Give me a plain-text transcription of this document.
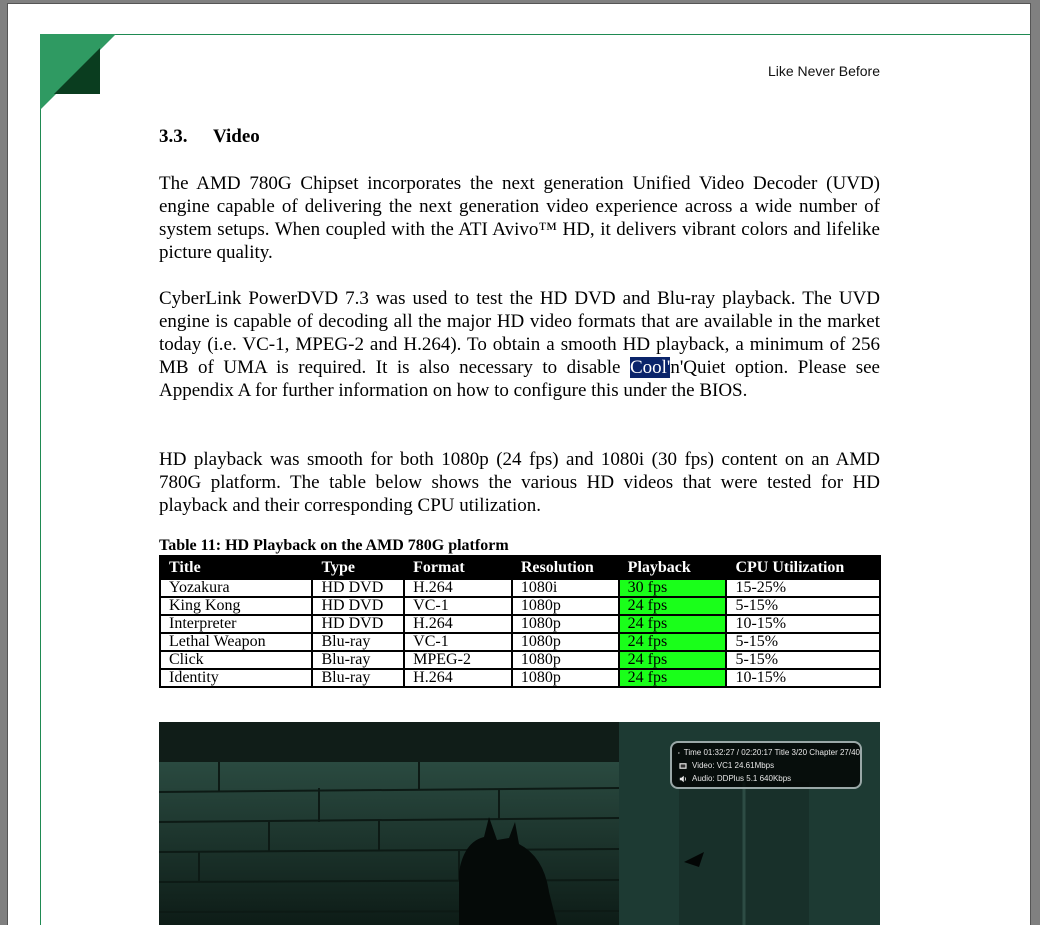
Like Never Before
3.3. Video

The AMD 780G Chipset incorporates the next generation Unified Video Decoder (UVD) engine capable of delivering the next generation video experience across a wide number of system setups. When coupled with the ATI Avivo™ HD, it delivers vibrant colors and lifelike picture quality.

CyberLink PowerDVD 7.3 was used to test the HD DVD and Blu-ray playback. The UVD engine is capable of decoding all the major HD video formats that are available in the market today (i.e. VC-1, MPEG-2 and H.264). To obtain a smooth HD playback, a minimum of 256 MB of UMA is required. It is also necessary to disable Cool'n'Quiet option. Please see Appendix A for further information on how to configure this under the BIOS.

HD playback was smooth for both 1080p (24 fps) and 1080i (30 fps) content on an AMD 780G platform. The table below shows the various HD videos that were tested for HD playback and their corresponding CPU utilization.

Table 11: HD Playback on the AMD 780G platform
Title	Type	Format	Resolution	Playback	CPU Utilization
Yozakura	HD DVD	H.264	1080i	30 fps	15-25%
King Kong	HD DVD	VC-1	1080p	24 fps	5-15%
Interpreter	HD DVD	H.264	1080p	24 fps	10-15%
Lethal Weapon	Blu-ray	VC-1	1080p	24 fps	5-15%
Click	Blu-ray	MPEG-2	1080p	24 fps	5-15%
Identity	Blu-ray	H.264	1080p	24 fps	10-15%
Time 01:32:27 / 02:20:17 Title 3/20 Chapter 27/40
Video: VC1 24.61Mbps
Audio: DDPlus 5.1 640Kbps
